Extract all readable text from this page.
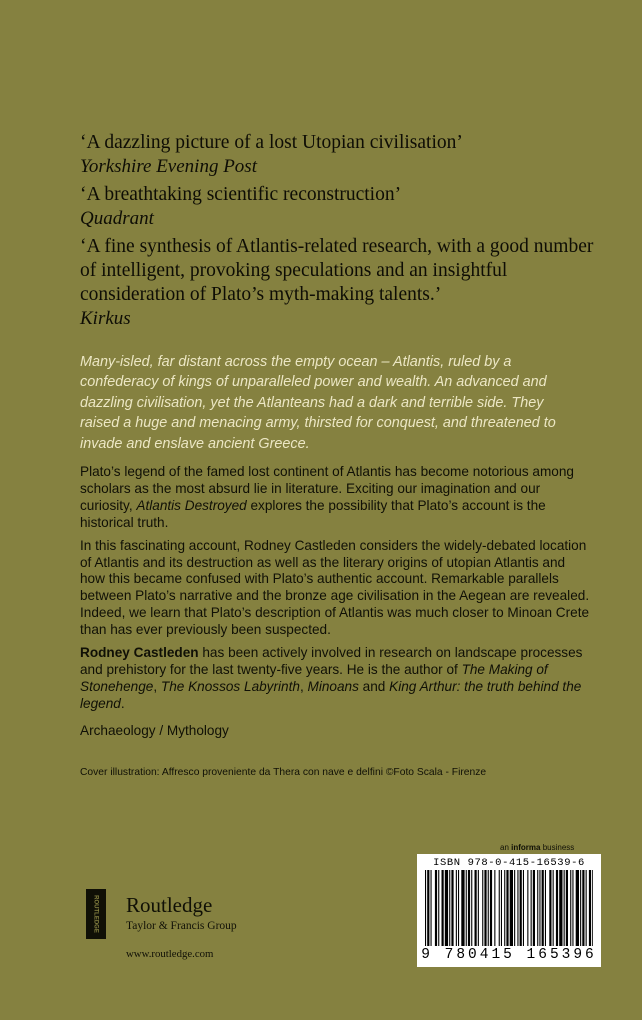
‘A dazzling picture of a lost Utopian civilisation’
Yorkshire Evening Post
‘A breathtaking scientific reconstruction’
Quadrant
‘A fine synthesis of Atlantis-related research, with a good number of intelligent, provoking speculations and an insightful consideration of Plato’s myth-making talents.’
Kirkus
Many-isled, far distant across the empty ocean – Atlantis, ruled by a confederacy of kings of unparalleled power and wealth. An advanced and dazzling civilisation, yet the Atlanteans had a dark and terrible side. They raised a huge and menacing army, thirsted for conquest, and threatened to invade and enslave ancient Greece.

Plato’s legend of the famed lost continent of Atlantis has become notorious among scholars as the most absurd lie in literature. Exciting our imagination and our curiosity, Atlantis Destroyed explores the possibility that Plato’s account is the historical truth.

In this fascinating account, Rodney Castleden considers the widely-debated location of Atlantis and its destruction as well as the literary origins of utopian Atlantis and how this became confused with Plato’s authentic account. Remarkable parallels between Plato’s narrative and the bronze age civilisation in the Aegean are revealed. Indeed, we learn that Plato’s description of Atlantis was much closer to Minoan Crete than has ever previously been suspected.

Rodney Castleden has been actively involved in research on landscape processes and prehistory for the last twenty-five years. He is the author of The Making of Stonehenge, The Knossos Labyrinth, Minoans and King Arthur: the truth behind the legend.

Archaeology / Mythology
Cover illustration: Affresco proveniente da Thera con nave e delfini ©Foto Scala - Firenze
an informa business
ISBN 978-0-415-16539-6
9 780415 165396
ROUTLEDGE Routledge
Taylor & Francis Group
www.routledge.com
